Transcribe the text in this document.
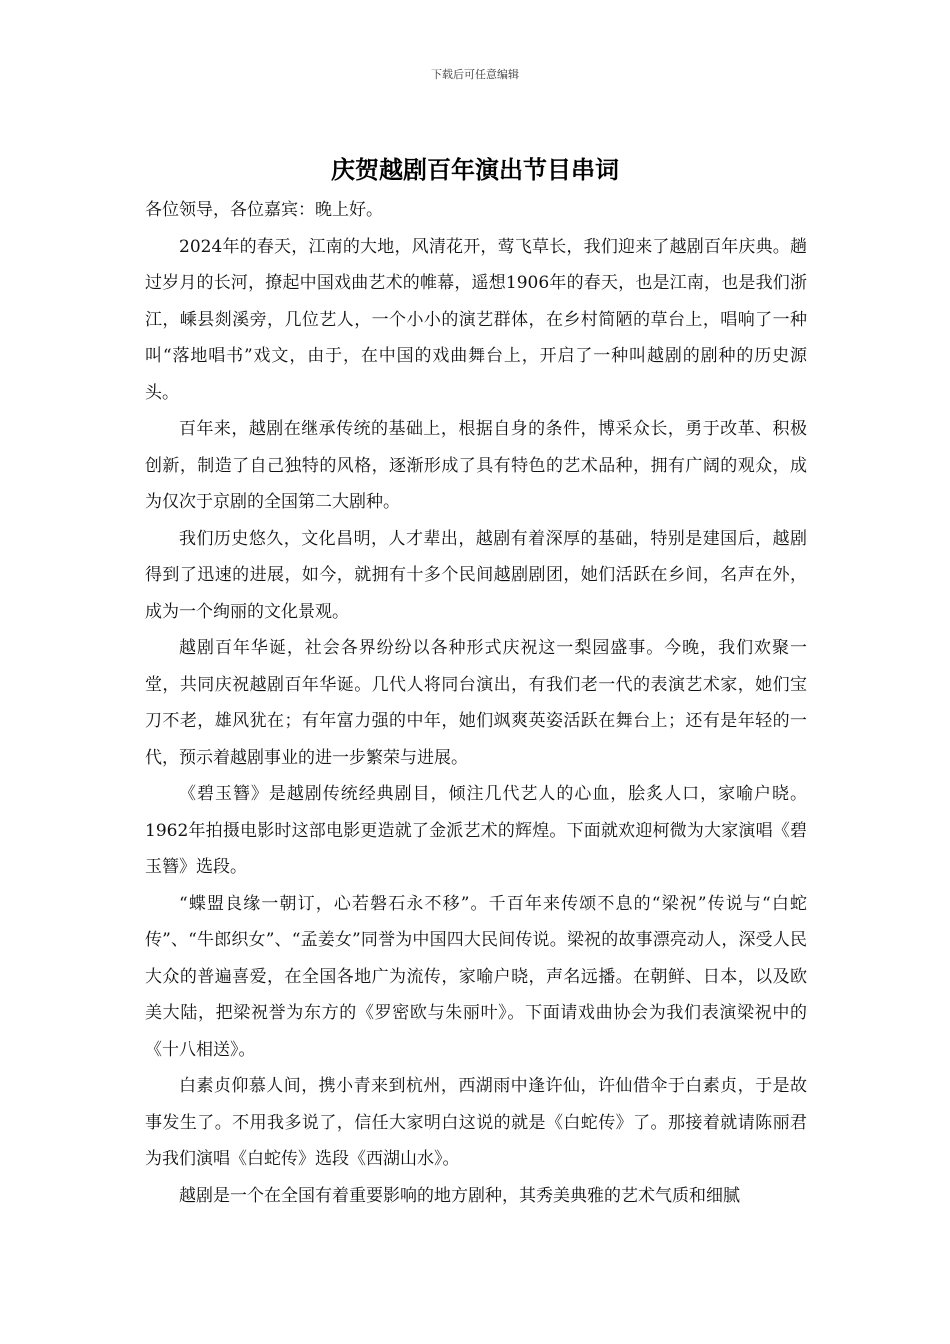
下载后可任意编辑
庆贺越剧百年演出节目串词

各位领导，各位嘉宾：晚上好。

2024年的春天，江南的大地，风清花开，莺飞草长，我们迎来了越剧百年庆典。趟过岁月的长河，撩起中国戏曲艺术的帷幕，遥想1906年的春天，也是江南，也是我们浙江，嵊县剡溪旁，几位艺人，一个小小的演艺群体，在乡村简陋的草台上，唱响了一种叫“落地唱书”戏文，由于，在中国的戏曲舞台上，开启了一种叫越剧的剧种的历史源头。

百年来，越剧在继承传统的基础上，根据自身的条件，博采众长，勇于改革、积极创新，制造了自己独特的风格，逐渐形成了具有特色的艺术品种，拥有广阔的观众，成为仅次于京剧的全国第二大剧种。

我们历史悠久，文化昌明，人才辈出，越剧有着深厚的基础，特别是建国后，越剧得到了迅速的进展，如今，就拥有十多个民间越剧剧团，她们活跃在乡间，名声在外，成为一个绚丽的文化景观。

越剧百年华诞，社会各界纷纷以各种形式庆祝这一梨园盛事。今晚，我们欢聚一堂，共同庆祝越剧百年华诞。几代人将同台演出，有我们老一代的表演艺术家，她们宝刀不老，雄风犹在；有年富力强的中年，她们飒爽英姿活跃在舞台上；还有是年轻的一代，预示着越剧事业的进一步繁荣与进展。

《碧玉簪》是越剧传统经典剧目，倾注几代艺人的心血，脍炙人口，家喻户晓。1962年拍摄电影时这部电影更造就了金派艺术的辉煌。下面就欢迎柯微为大家演唱《碧玉簪》选段。

“蝶盟良缘一朝订，心若磐石永不移”。千百年来传颂不息的“梁祝”传说与“白蛇传”、“牛郎织女”、“孟姜女”同誉为中国四大民间传说。梁祝的故事漂亮动人，深受人民大众的普遍喜爱，在全国各地广为流传，家喻户晓，声名远播。在朝鲜、日本，以及欧美大陆，把梁祝誉为东方的《罗密欧与朱丽叶》。下面请戏曲协会为我们表演梁祝中的《十八相送》。

白素贞仰慕人间，携小青来到杭州，西湖雨中逢许仙，许仙借伞于白素贞，于是故事发生了。不用我多说了，信任大家明白这说的就是《白蛇传》了。那接着就请陈丽君为我们演唱《白蛇传》选段《西湖山水》。

越剧是一个在全国有着重要影响的地方剧种，其秀美典雅的艺术气质和细腻
